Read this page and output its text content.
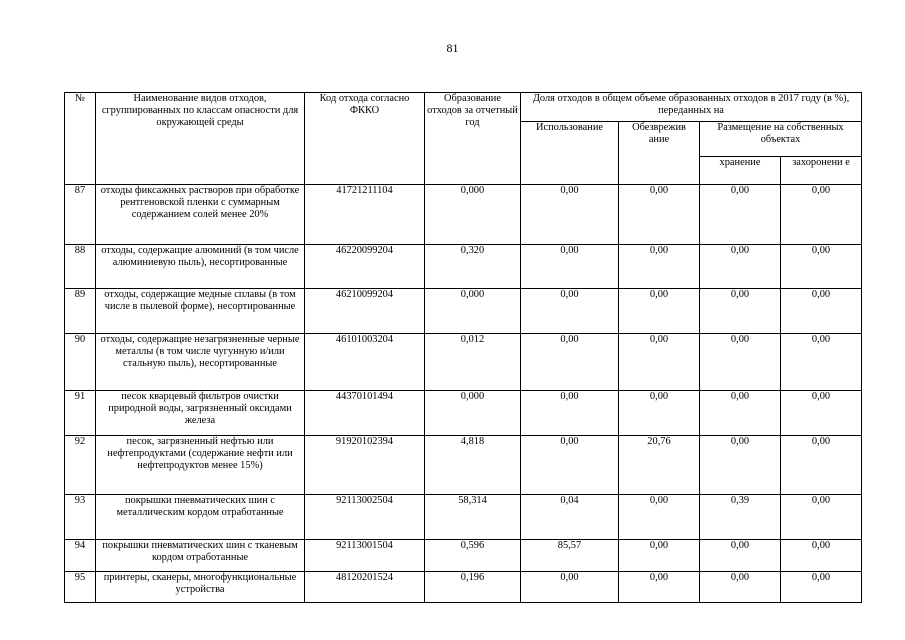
81
№	Наименование видов отходов, сгруппированных по классам опасности для окружающей среды	Код отхода согласно ФККО	Образование отходов за отчетный год	Доля отходов в общем объеме образованных отходов в 2017 году (в %), переданных на			
				Использование	Обезврежив ание	Размещение на собственных объектах	
						хранение	захоронени е
87	отходы фиксажных растворов при обработке рентгеновской пленки с суммарным содержанием солей менее 20%	41721211104	0,000	0,00	0,00	0,00	0,00
88	отходы, содержащие алюминий (в том числе алюминиевую пыль), несортированные	46220099204	0,320	0,00	0,00	0,00	0,00
89	отходы, содержащие медные сплавы (в том числе в пылевой форме), несортированные	46210099204	0,000	0,00	0,00	0,00	0,00
90	отходы, содержащие незагрязненные черные металлы (в том числе чугунную и/или стальную пыль), несортированные	46101003204	0,012	0,00	0,00	0,00	0,00
91	песок кварцевый фильтров очистки природной воды, загрязненный оксидами железа	44370101494	0,000	0,00	0,00	0,00	0,00
92	песок, загрязненный нефтью или нефтепродуктами (содержание нефти или нефтепродуктов менее 15%)	91920102394	4,818	0,00	20,76	0,00	0,00
93	покрышки пневматических шин с металлическим кордом отработанные	92113002504	58,314	0,04	0,00	0,39	0,00
94	покрышки пневматических шин с тканевым кордом отработанные	92113001504	0,596	85,57	0,00	0,00	0,00
95	принтеры, сканеры, многофункциональные устройства	48120201524	0,196	0,00	0,00	0,00	0,00
